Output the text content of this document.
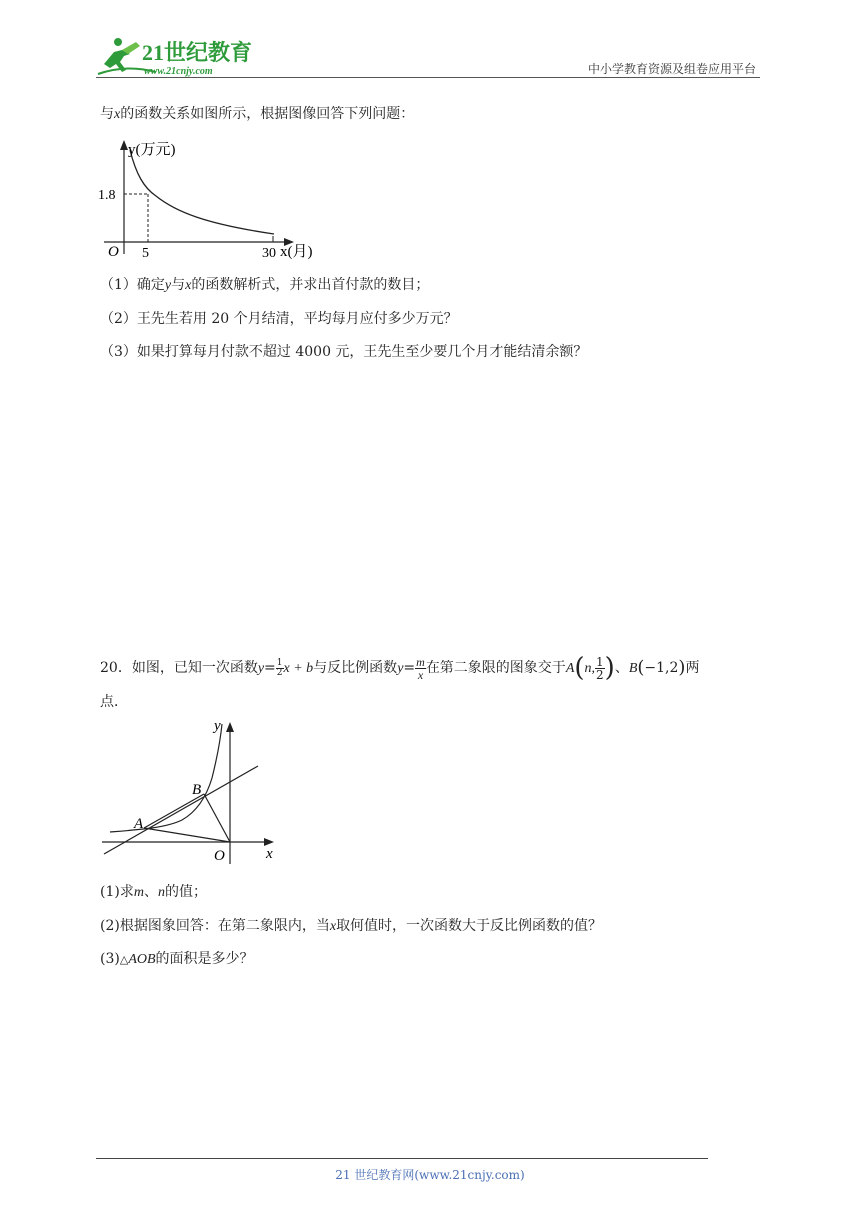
21世纪教育
www.21cnjy.com	中小学教育资源及组卷应用平台
与x的函数关系如图所示，根据图像回答下列问题：
y(万元)
x(月)
O
1.8
5	30
（1）确定y与x的函数解析式，并求出首付款的数目；
（2）王先生若用 20 个月结清，平均每月应付多少万元？
（3）如果打算每月付款不超过 4000 元，王先生至少要几个月才能结清余额？
20．如图，已知一次函数$y= \frac{1}{2}$ x + b与反比例函数$y= \frac{m}{x}$ 在第二象限的图象交于A(n, $\frac{1}{2}$ )、B(−1,2)两
点．
y
x
O
A
B
(1)求m、n的值；
(2)根据图象回答：在第二象限内，当x取何值时，一次函数大于反比例函数的值？
(3)△AOB的面积是多少？
21 世纪教育网(www.21cnjy.com)
